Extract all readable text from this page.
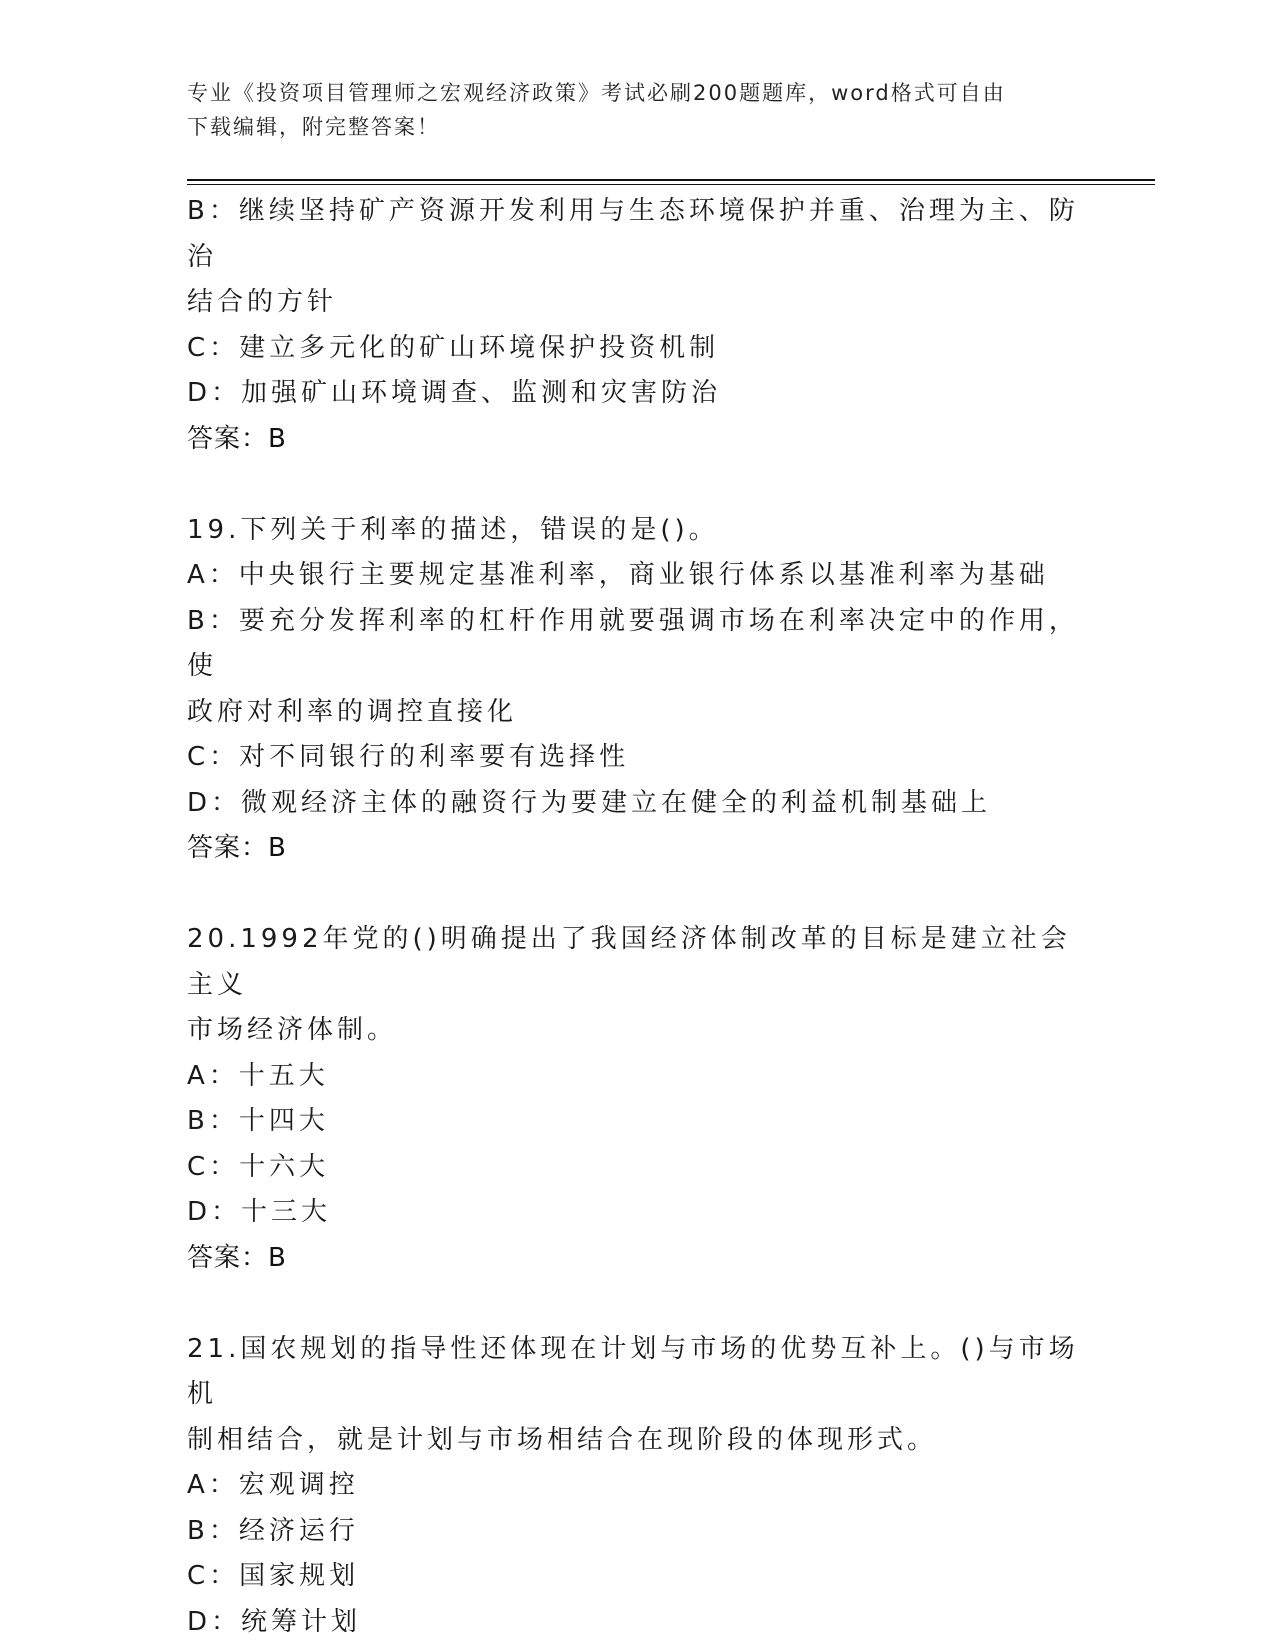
专业《投资项目管理师之宏观经济政策》考试必刷200题题库，word格式可自由
下载编辑，附完整答案！
B：继续坚持矿产资源开发利用与生态环境保护并重、治理为主、防治
结合的方针
C：建立多元化的矿山环境保护投资机制
D：加强矿山环境调查、监测和灾害防治
答案：B
19.下列关于利率的描述，错误的是()。
A：中央银行主要规定基准利率，商业银行体系以基准利率为基础
B：要充分发挥利率的杠杆作用就要强调市场在利率决定中的作用，使
政府对利率的调控直接化
C：对不同银行的利率要有选择性
D：微观经济主体的融资行为要建立在健全的利益机制基础上
答案：B
20.1992年党的()明确提出了我国经济体制改革的目标是建立社会主义
市场经济体制。
A：十五大
B：十四大
C：十六大
D：十三大
答案：B
21.国农规划的指导性还体现在计划与市场的优势互补上。()与市场机
制相结合，就是计划与市场相结合在现阶段的体现形式。
A：宏观调控
B：经济运行
C：国家规划
D：统筹计划
